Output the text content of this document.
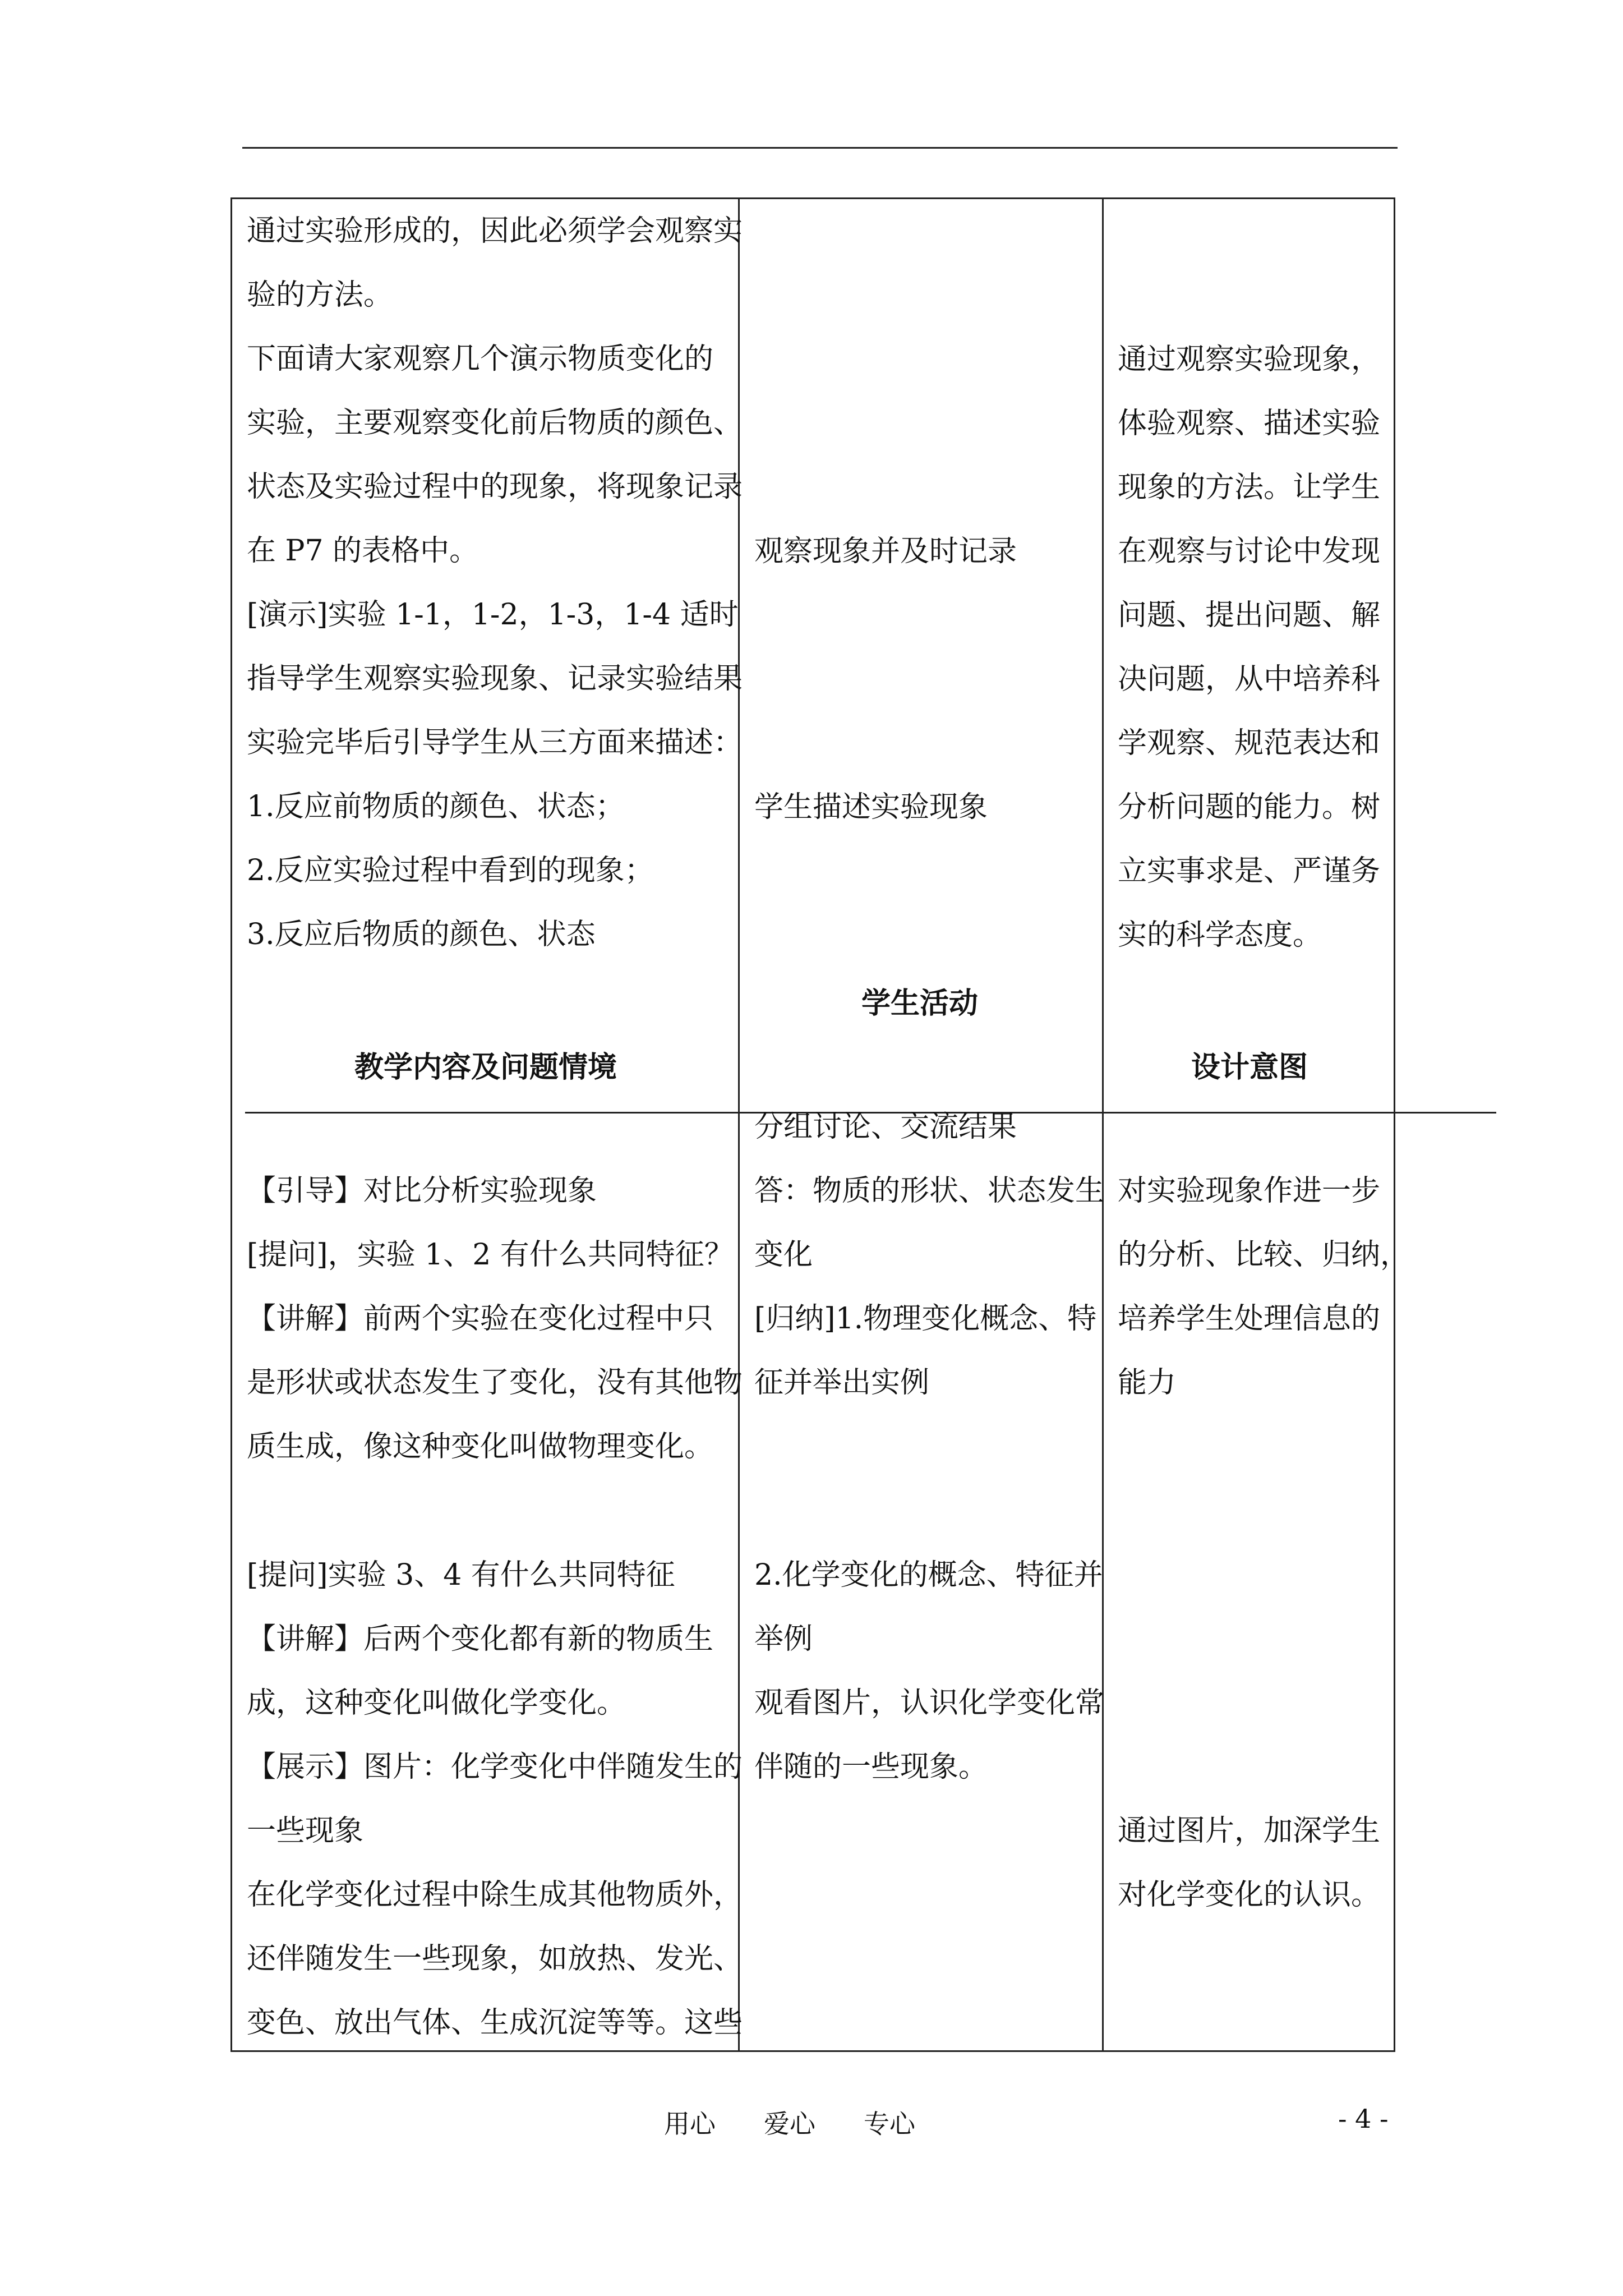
通过实验形成的，因此必须学会观察实

验的方法。

下面请大家观察几个演示物质变化的

实验，主要观察变化前后物质的颜色、

状态及实验过程中的现象，将现象记录

在 P7 的表格中。

[演示]实验 1-1，1-2，1-3，1-4 适时

指导学生观察实验现象、记录实验结果

实验完毕后引导学生从三方面来描述：

1.反应前物质的颜色、状态；

2.反应实验过程中看到的现象；

3.反应后物质的颜色、状态

观察现象并及时记录

学生描述实验现象

通过观察实验现象，

体验观察、描述实验

现象的方法。让学生

在观察与讨论中发现

问题、提出问题、解

决问题，从中培养科

学观察、规范表达和

分析问题的能力。树

立实事求是、严谨务

实的科学态度。

学生活动
教学内容及问题情境	设计意图

【引导】对比分析实验现象

[提问]，实验 1、2 有什么共同特征？

【讲解】前两个实验在变化过程中只

是形状或状态发生了变化，没有其他物

质生成，像这种变化叫做物理变化。

[提问]实验 3、4 有什么共同特征

【讲解】后两个变化都有新的物质生

成，这种变化叫做化学变化。

【展示】图片：化学变化中伴随发生的

一些现象

在化学变化过程中除生成其他物质外，

还伴随发生一些现象，如放热、发光、

变色、放出气体、生成沉淀等等。这些

分组讨论、交流结果

答：物质的形状、状态发生

变化

[归纳]1.物理变化概念、特

征并举出实例

2.化学变化的概念、特征并

举例

观看图片，认识化学变化常

伴随的一些现象。

对实验现象作进一步

的分析、比较、归纳，

培养学生处理信息的

能力

通过图片，加深学生

对化学变化的认识。

用心 爱心 专心	- 4 -
